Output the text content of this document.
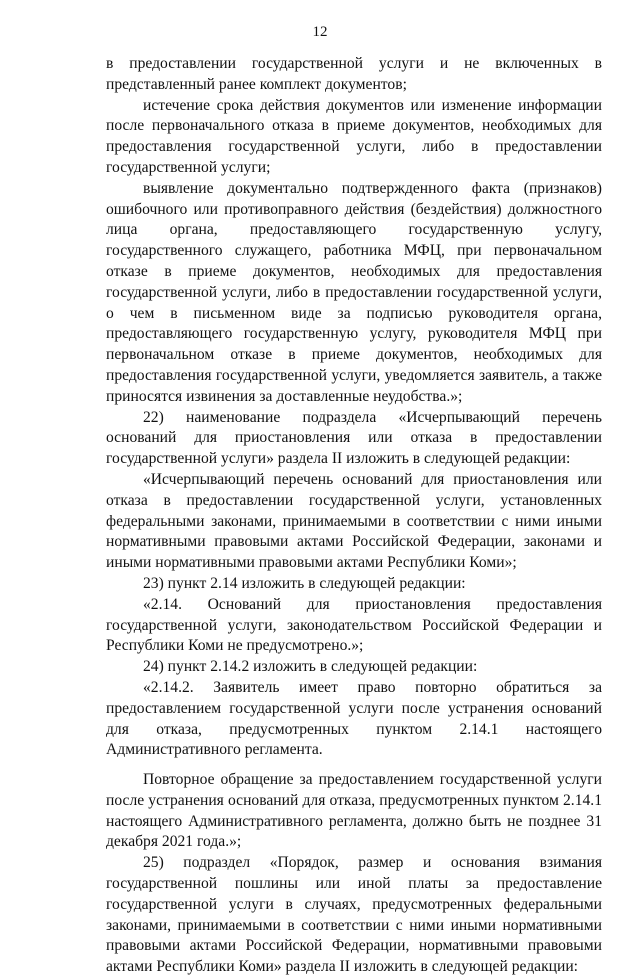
12

в предоставлении государственной услуги и не включенных в представленный ранее комплект документов;

истечение срока действия документов или изменение информации после первоначального отказа в приеме документов, необходимых для предоставления государственной услуги, либо в предоставлении государственной услуги;

выявление документально подтвержденного факта (признаков) ошибочного или противоправного действия (бездействия) должностного лица органа, предоставляющего государственную услугу, государственного служащего, работника МФЦ, при первоначальном отказе в приеме документов, необходимых для предоставления государственной услуги, либо в предоставлении государственной услуги, о чем в письменном виде за подписью руководителя органа, предоставляющего государственную услугу, руководителя МФЦ при первоначальном отказе в приеме документов, необходимых для предоставления государственной услуги, уведомляется заявитель, а также приносятся извинения за доставленные неудобства.»;

22) наименование подраздела «Исчерпывающий перечень оснований для приостановления или отказа в предоставлении государственной услуги» раздела II изложить в следующей редакции:

«Исчерпывающий перечень оснований для приостановления или отказа в предоставлении государственной услуги, установленных федеральными законами, принимаемыми в соответствии с ними иными нормативными правовыми актами Российской Федерации, законами и иными нормативными правовыми актами Республики Коми»;

23) пункт 2.14 изложить в следующей редакции:

«2.14. Оснований для приостановления предоставления государственной услуги, законодательством Российской Федерации и Республики Коми не предусмотрено.»;

24) пункт 2.14.2 изложить в следующей редакции:

«2.14.2. Заявитель имеет право повторно обратиться за предоставлением государственной услуги после устранения оснований для отказа, предусмотренных пунктом 2.14.1 настоящего Административного регламента.

Повторное обращение за предоставлением государственной услуги после устранения оснований для отказа, предусмотренных пунктом 2.14.1 настоящего Административного регламента, должно быть не позднее 31 декабря 2021 года.»;

25) подраздел «Порядок, размер и основания взимания государственной пошлины или иной платы за предоставление государственной услуги в случаях, предусмотренных федеральными законами, принимаемыми в соответствии с ними иными нормативными правовыми актами Российской Федерации, нормативными правовыми актами Республики Коми» раздела II изложить в следующей редакции:
